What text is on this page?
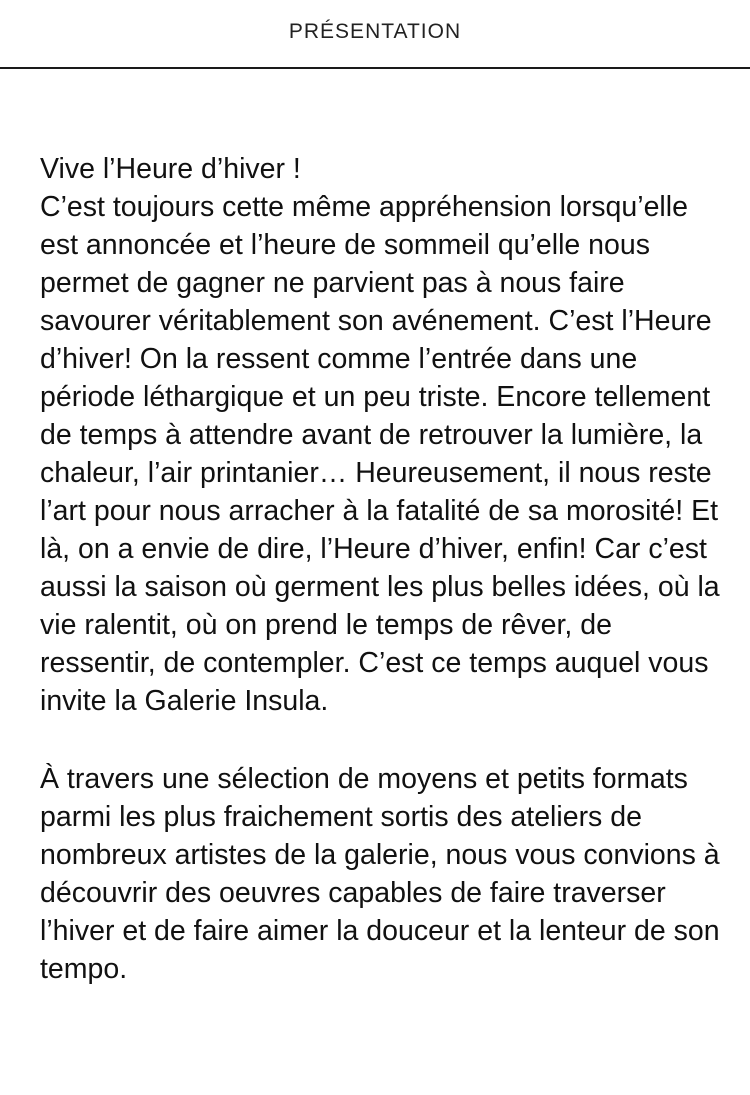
PRÉSENTATION

Vive l’Heure d’hiver !

C’est toujours cette même appréhension lorsqu’elle est annoncée et l’heure de sommeil qu’elle nous permet de gagner ne parvient pas à nous faire savourer véritablement son avénement. C’est l’Heure d’hiver! On la ressent comme l’entrée dans une période léthargique et un peu triste. Encore tellement de temps à attendre avant de retrouver la lumière, la chaleur, l’air printanier… Heureusement, il nous reste l’art pour nous arracher à la fatalité de sa morosité! Et là, on a envie de dire, l’Heure d’hiver, enfin! Car c’est aussi la saison où germent les plus belles idées, où la vie ralentit, où on prend le temps de rêver, de ressentir, de contempler. C’est ce temps auquel vous invite la Galerie Insula.

À travers une sélection de moyens et petits formats parmi les plus fraichement sortis des ateliers de nombreux artistes de la galerie, nous vous convions à découvrir des oeuvres capables de faire traverser l’hiver et de faire aimer la douceur et la lenteur de son tempo.
